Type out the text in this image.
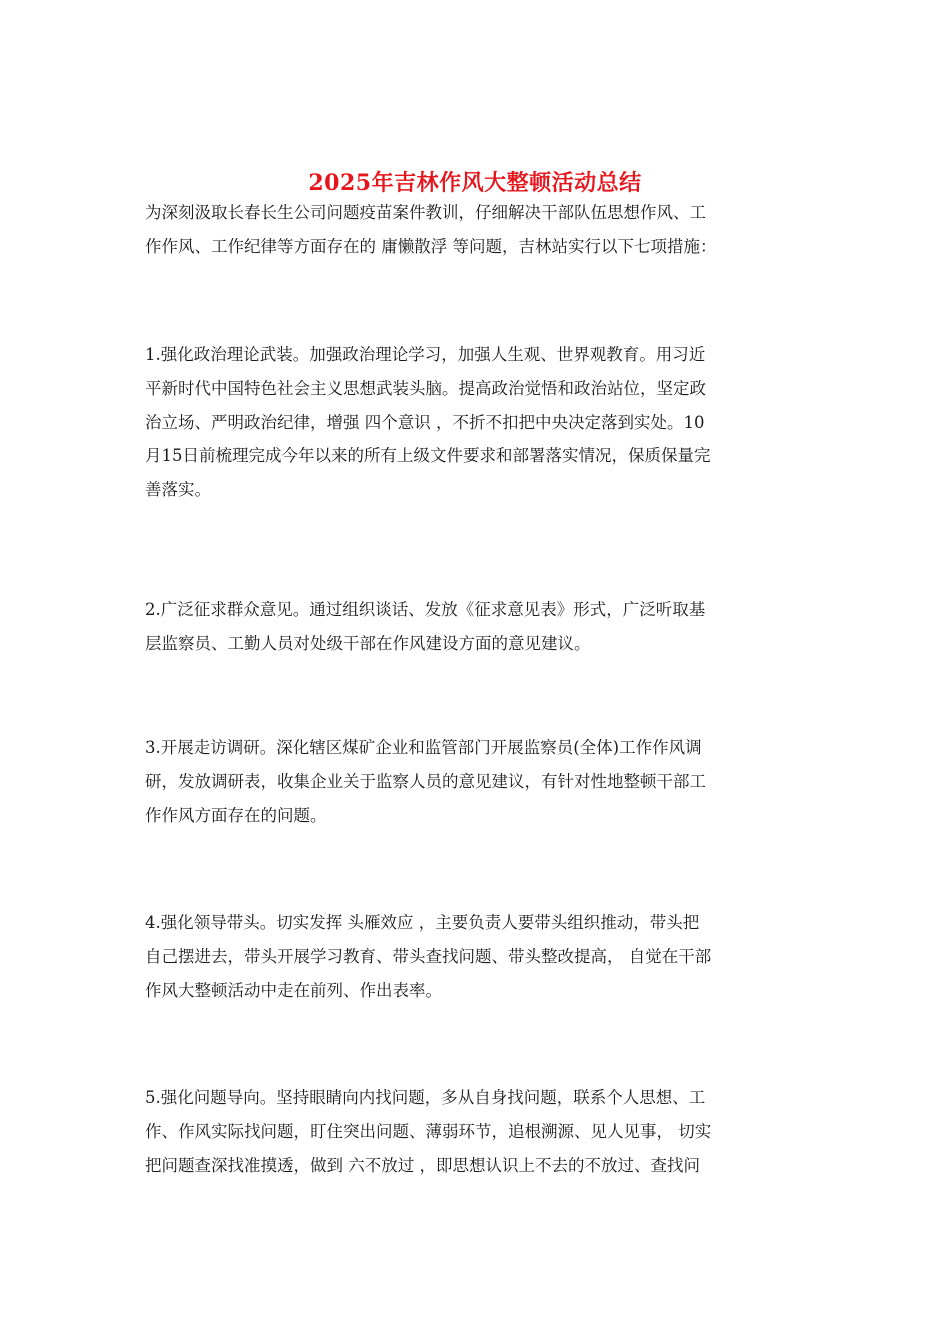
2025年吉林作风大整顿活动总结
为深刻汲取长春长生公司问题疫苗案件教训，仔细解决干部队伍思想作风、工
作作风、工作纪律等方面存在的 庸懒散浮 等问题，吉林站实行以下七项措施：
1.强化政治理论武装。加强政治理论学习，加强人生观、世界观教育。用习近
平新时代中国特色社会主义思想武装头脑。提高政治觉悟和政治站位，坚定政
治立场、严明政治纪律，增强 四个意识 ，不折不扣把中央决定落到实处。10
月15日前梳理完成今年以来的所有上级文件要求和部署落实情况，保质保量完
善落实。
2.广泛征求群众意见。通过组织谈话、发放《征求意见表》形式，广泛听取基
层监察员、工勤人员对处级干部在作风建设方面的意见建议。
3.开展走访调研。深化辖区煤矿企业和监管部门开展监察员(全体)工作作风调
研，发放调研表，收集企业关于监察人员的意见建议，有针对性地整顿干部工
作作风方面存在的问题。
4.强化领导带头。切实发挥 头雁效应 ，主要负责人要带头组织推动，带头把
自己摆进去，带头开展学习教育、带头查找问题、带头整改提高， 自觉在干部
作风大整顿活动中走在前列、作出表率。
5.强化问题导向。坚持眼睛向内找问题，多从自身找问题，联系个人思想、工
作、作风实际找问题，盯住突出问题、薄弱环节，追根溯源、见人见事， 切实
把问题查深找准摸透，做到 六不放过 ，即思想认识上不去的不放过、查找问
